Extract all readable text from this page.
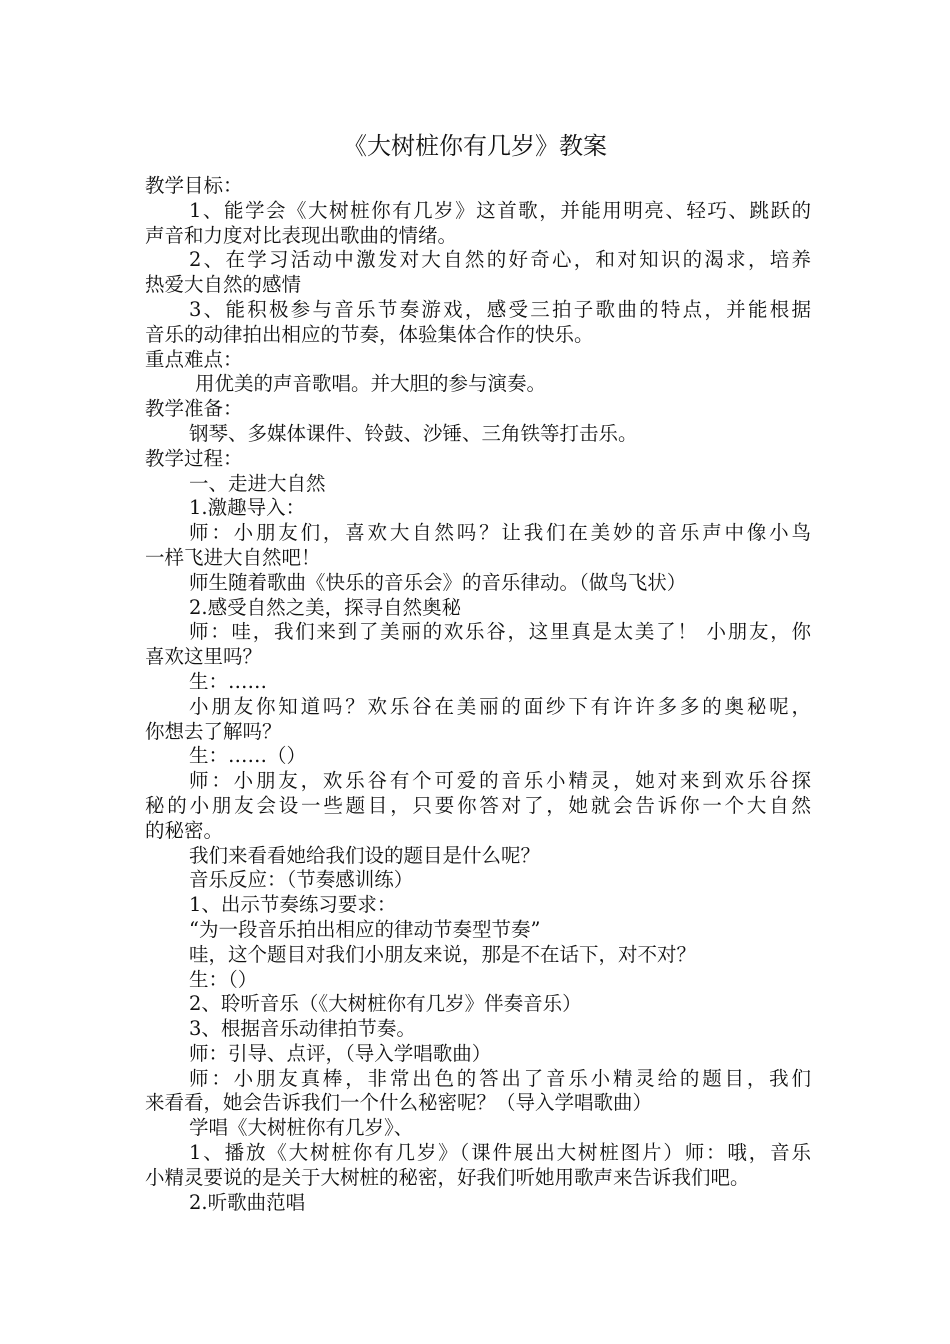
《大树桩你有几岁》教案
教学目标：
1、能学会《大树桩你有几岁》这首歌，并能用明亮、轻巧、跳跃的
声音和力度对比表现出歌曲的情绪。
2、在学习活动中激发对大自然的好奇心，和对知识的渴求，培养
热爱大自然的感情
3、能积极参与音乐节奏游戏，感受三拍子歌曲的特点，并能根据
音乐的动律拍出相应的节奏，体验集体合作的快乐。
重点难点：
用优美的声音歌唱。并大胆的参与演奏。
教学准备：
钢琴、多媒体课件、铃鼓、沙锤、三角铁等打击乐。
教学过程：
一、走进大自然
1.激趣导入：
师：小朋友们，喜欢大自然吗？让我们在美妙的音乐声中像小鸟
一样飞进大自然吧！
师生随着歌曲《快乐的音乐会》的音乐律动。（做鸟飞状）
2.感受自然之美，探寻自然奥秘
师：哇，我们来到了美丽的欢乐谷，这里真是太美了！ 小朋友，你
喜欢这里吗？
生：……
小朋友你知道吗？欢乐谷在美丽的面纱下有许许多多的奥秘呢，
你想去了解吗？
生：……（）
师：小朋友，欢乐谷有个可爱的音乐小精灵，她对来到欢乐谷探
秘的小朋友会设一些题目，只要你答对了，她就会告诉你一个大自然
的秘密。
我们来看看她给我们设的题目是什么呢？
音乐反应：（节奏感训练）
1、出示节奏练习要求：
“为一段音乐拍出相应的律动节奏型节奏”
哇，这个题目对我们小朋友来说，那是不在话下，对不对？
生：（）
2、聆听音乐（《大树桩你有几岁》伴奏音乐）
3、根据音乐动律拍节奏。
师：引导、点评，（导入学唱歌曲）
师：小朋友真棒，非常出色的答出了音乐小精灵给的题目，我们
来看看，她会告诉我们一个什么秘密呢？（导入学唱歌曲）
学唱《大树桩你有几岁》、
1、播放《大树桩你有几岁》（课件展出大树桩图片）师：哦，音乐
小精灵要说的是关于大树桩的秘密，好我们听她用歌声来告诉我们吧。
2.听歌曲范唱
